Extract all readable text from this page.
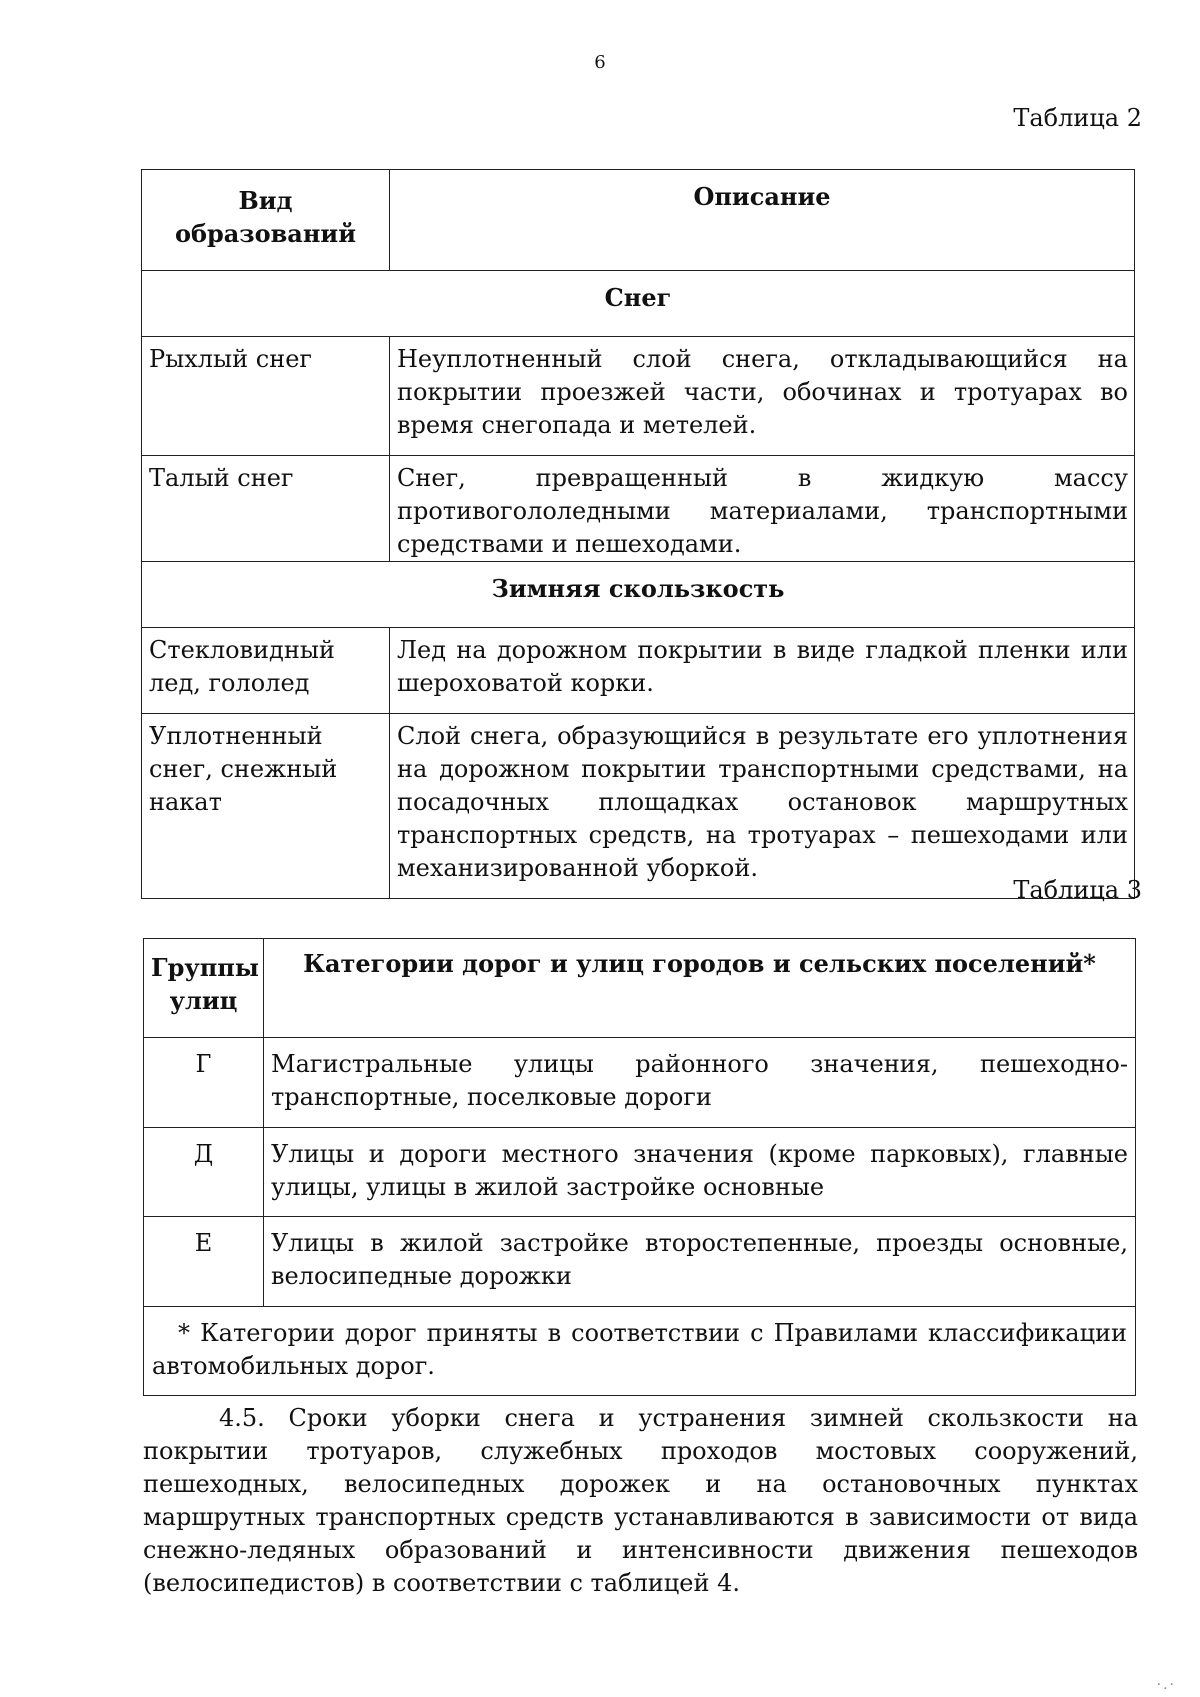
6
Таблица 2
Вид образований	Описание
Снег	
Рыхлый снег	Неуплотненный слой снега, откладывающийся на покрытии проезжей части, обочинах и тротуарах во время снегопада и метелей.
Талый снег	Снег, превращенный в жидкую массу противогололедными материалами, транспортными средствами и пешеходами.
Зимняя скользкость	
Стекловидный лед, гололед	Лед на дорожном покрытии в виде гладкой пленки или шероховатой корки.
Уплотненный снег, снежный накат	Слой снега, образующийся в результате его уплотнения на дорожном покрытии транспортными средствами, на посадочных площадках остановок маршрутных транспортных средств, на тротуарах – пешеходами или механизированной уборкой.
Таблица 3
Группы улиц	Категории дорог и улиц городов и сельских поселений*
Г	Магистральные улицы районного значения, пешеходно-транспортные, поселковые дороги
Д	Улицы и дороги местного значения (кроме парковых), главные улицы, улицы в жилой застройке основные
Е	Улицы в жилой застройке второстепенные, проезды основные, велосипедные дорожки

* Категории дорог приняты в соответствии с Правилами классификации автомобильных дорог.	

4.5. Сроки уборки снега и устранения зимней скользкости на покрытии тротуаров, служебных проходов мостовых сооружений, пешеходных, велосипедных дорожек и на остановочных пунктах маршрутных транспортных средств устанавливаются в зависимости от вида снежно-ледяных образований и интенсивности движения пешеходов (велосипедистов) в соответствии с таблицей 4.

·.·
